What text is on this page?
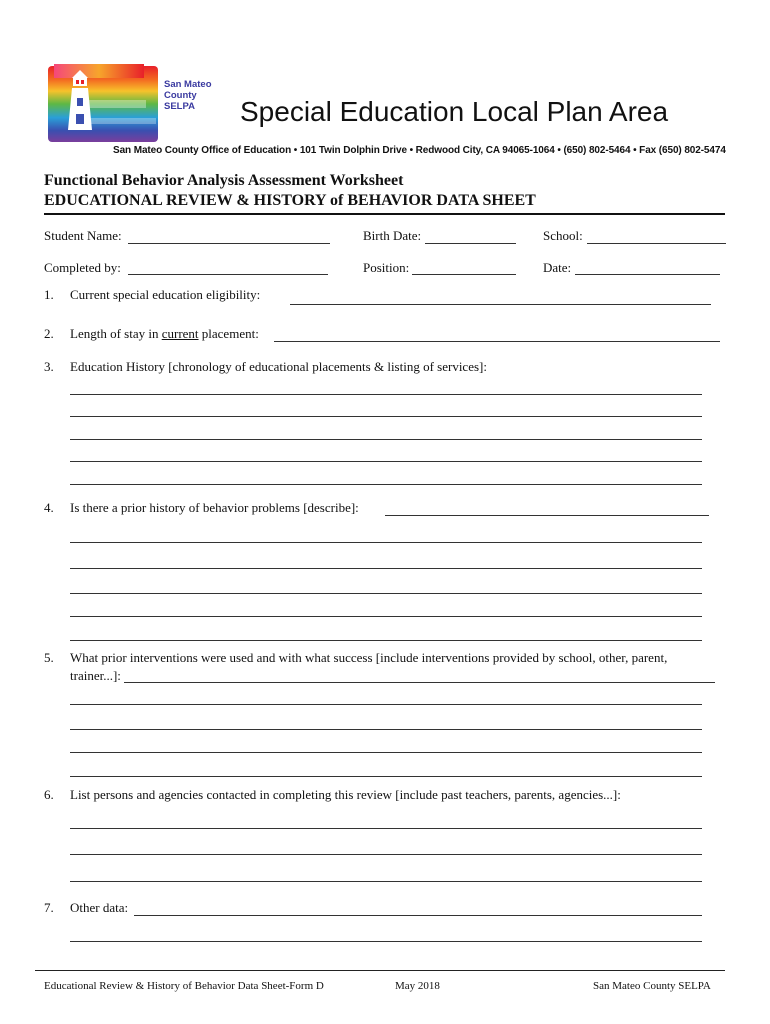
San Mateo
County
SELPA	Special Education Local Plan Area
San Mateo County Office of Education • 101 Twin Dolphin Drive • Redwood City, CA 94065-1064 • (650) 802-5464 • Fax (650) 802-5474
Functional Behavior Analysis Assessment Worksheet
EDUCATIONAL REVIEW & HISTORY of BEHAVIOR DATA SHEET
Student Name:	Birth Date:	School:
Completed by:	Position:	Date:
1. Current special education eligibility:
2. Length of stay in current placement:
3. Education History [chronology of educational placements & listing of services]:
4. Is there a prior history of behavior problems [describe]:
5. What prior interventions were used and with what success [include interventions provided by school, other, parent,
trainer...]:
6. List persons and agencies contacted in completing this review [include past teachers, parents, agencies...]:
7. Other data:
Educational Review & History of Behavior Data Sheet-Form D	May 2018	San Mateo County SELPA
